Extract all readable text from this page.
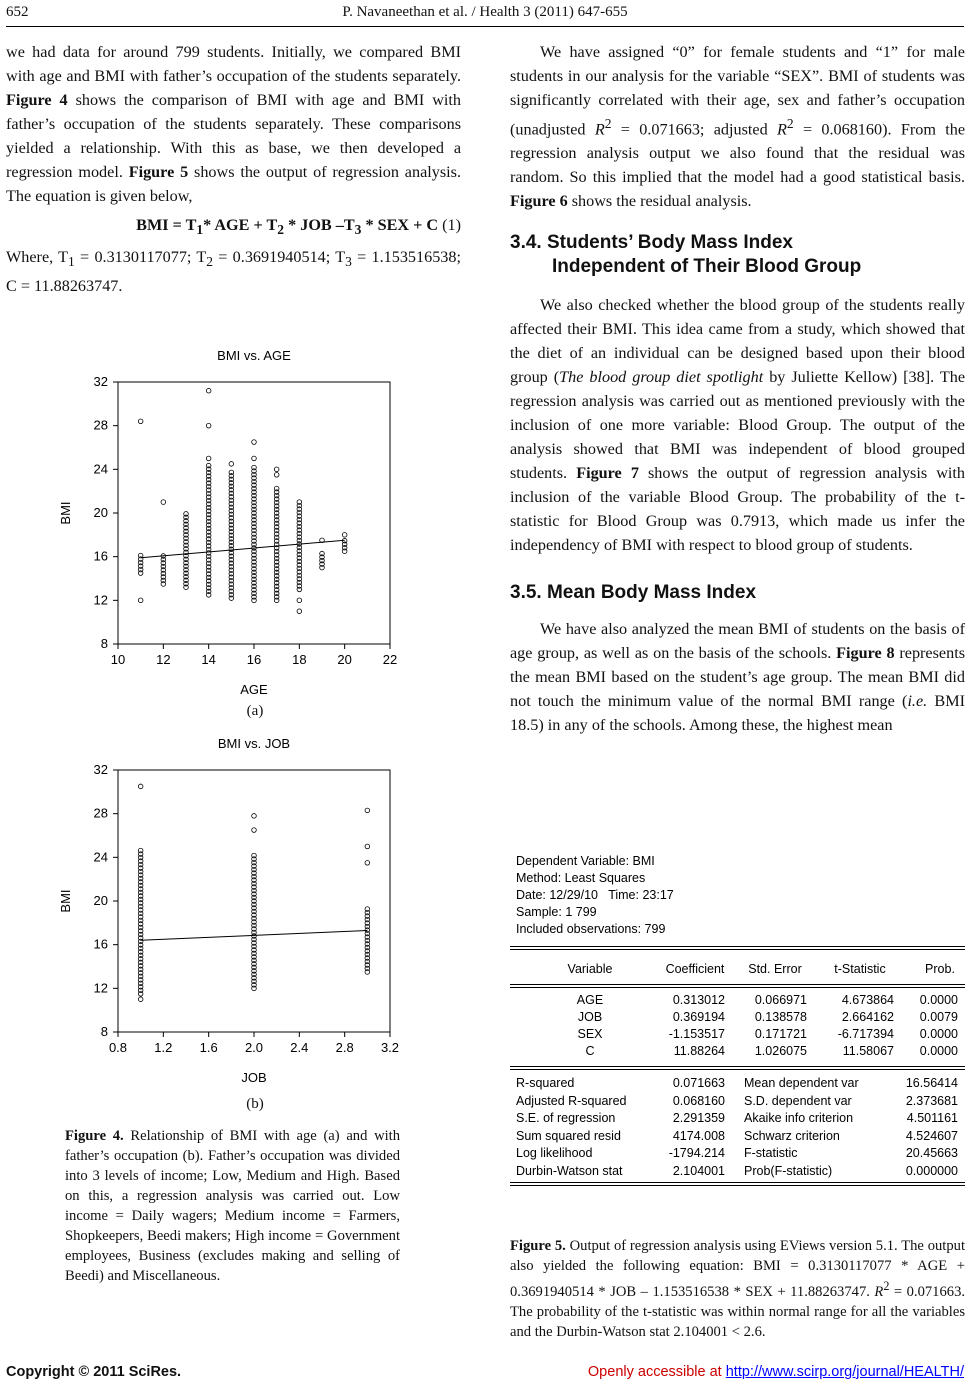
652	P. Navaneethan et al. / Health 3 (2011) 647-655

we had data for around 799 students. Initially, we compared BMI with age and BMI with father’s occupation of the students separately. Figure 4 shows the comparison of BMI with age and BMI with father’s occupation of the students separately. These comparisons yielded a relationship. With this as base, we then developed a regression model. Figure 5 shows the output of regression analysis. The equation is given below,

BMI = $T_1*$ AGE + $T_2$ * JOB $-T_3$ * SEX + C (1)

Where, $T_1 = 0.3130117077$; $T_2 = 0.3691940514$; $T_3 = 1.153516538$; C = 11.88263747.

BMI vs. AGE
10 12 14 16 18 20 22
8
12
16
20
24
28
32
AGE
BMI
(a)
BMI vs. JOB
0.8 1.2 1.6 2.0 2.4 2.8 3.2
8
12
16
20
24
28
32
JOB
BMI
(b)
Figure 4. Relationship of BMI with age (a) and with father’s occupation (b). Father’s occupation was divided into 3 levels of income; Low, Medium and High. Based on this, a regression analysis was carried out. Low income = Daily wagers; Medium income = Farmers, Shopkeepers, Beedi makers; High income = Government employees, Business (excludes making and selling of Beedi) and Miscellaneous.

We have assigned “0” for female students and “1” for male students in our analysis for the variable “SEX”. BMI of students was significantly correlated with their age, sex and father’s occupation (unadjusted $R^2 = 0.071663$; adjusted $R^2 = 0.068160$). From the regression analysis output we also found that the residual was random. So this implied that the model had a good statistical basis. Figure 6 shows the residual analysis.

3.4. Students’ Body Mass Index
Independent of Their Blood Group

We also checked whether the blood group of the students really affected their BMI. This idea came from a study, which showed that the diet of an individual can be designed based upon their blood group (The blood group diet spotlight by Juliette Kellow) [38]. The regression analysis was carried out as mentioned previously with the inclusion of one more variable: Blood Group. The output of the analysis showed that BMI was independent of blood grouped students. Figure 7 shows the output of regression analysis with inclusion of the variable Blood Group. The probability of the t-statistic for Blood Group was 0.7913, which made us infer the independency of BMI with respect to blood group of students.

3.5. Mean Body Mass Index

We have also analyzed the mean BMI of students on the basis of age group, as well as on the basis of the schools. Figure 8 represents the mean BMI based on the student’s age group. The mean BMI did not touch the minimum value of the normal BMI range (i.e. BMI 18.5) in any of the schools. Among these, the highest mean

Dependent Variable: BMI
Method: Least Squares
Date: 12/29/10   Time: 23:17
Sample: 1 799
Included observations: 799
Variable	Coefficient	Std. Error	t-Statistic	Prob.
AGE	0.313012	0.066971	4.673864	0.0000
JOB	0.369194	0.138578	2.664162	0.0079
SEX	-1.153517	0.171721	-6.717394	0.0000
C	11.88264	1.026075	11.58067	0.0000
R-squared	0.071663 Mean dependent var	16.56414
Adjusted R-squared	0.068160 S.D. dependent var	2.373681
S.E. of regression	2.291359 Akaike info criterion	4.501161
Sum squared resid	4174.008 Schwarz criterion	4.524607
Log likelihood	-1794.214 F-statistic	20.45663
Durbin-Watson stat	2.104001 Prob(F-statistic)	0.000000
Figure 5. Output of regression analysis using EViews version 5.1. The output also yielded the following equation: BMI = 0.3130117077 * AGE + 0.3691940514 * JOB – 1.153516538 * SEX + 11.88263747. $R^2 = 0.071663$. The probability of the t-statistic was within normal range for all the variables and the Durbin-Watson stat 2.104001 < 2.6.
Copyright © 2011 SciRes.	Openly accessible at http://www.scirp.org/journal/HEALTH/
